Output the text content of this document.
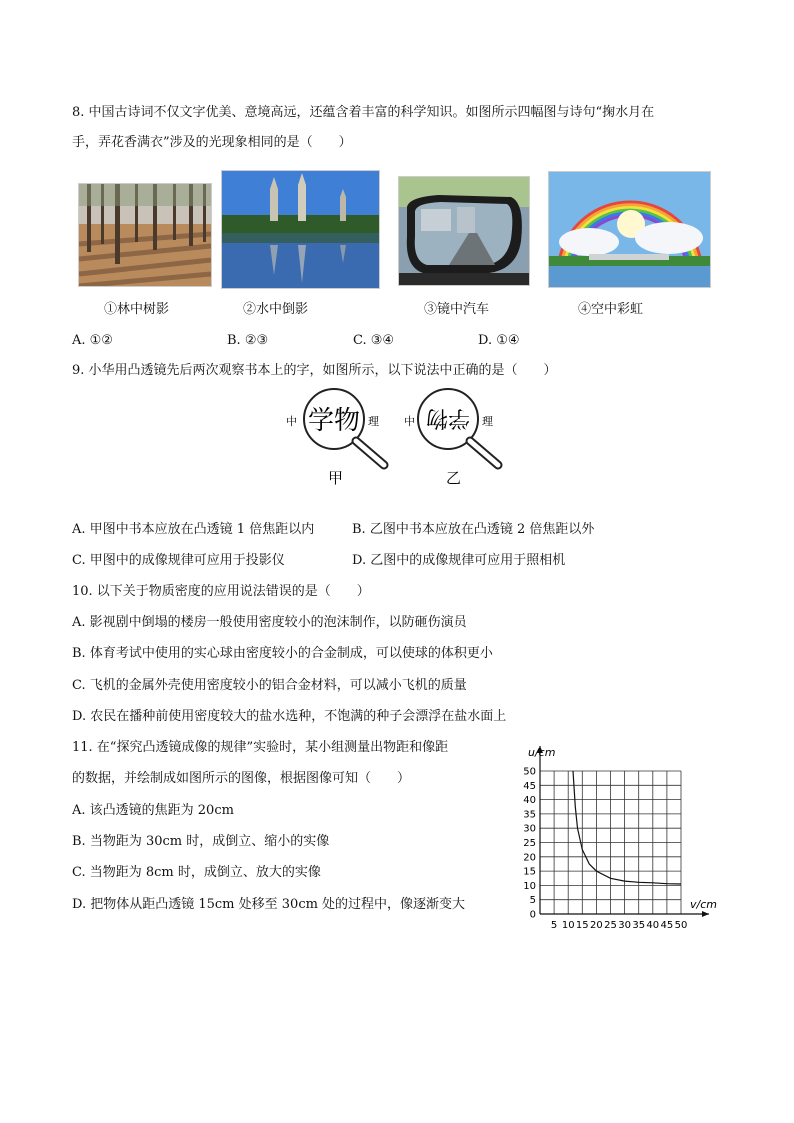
8. 中国古诗词不仅文字优美、意境高远，还蕴含着丰富的科学知识。如图所示四幅图与诗句“掬水月在
手，弄花香满衣”涉及的光现象相同的是（　　）
①林中树影	②水中倒影	③镜中汽车	④空中彩虹
A. ①②	B. ②③	C. ③④	D. ①④
9. 小华用凸透镜先后两次观察书本上的字，如图所示，以下说法中正确的是（　　）
中 学物 理
甲
中 学物 理
乙
A. 甲图中书本应放在凸透镜 1 倍焦距以内	B. 乙图中书本应放在凸透镜 2 倍焦距以外
C. 甲图中的成像规律可应用于投影仪	D. 乙图中的成像规律可应用于照相机
10. 以下关于物质密度的应用说法错误的是（　　）
A. 影视剧中倒塌的楼房一般使用密度较小的泡沫制作，以防砸伤演员
B. 体育考试中使用的实心球由密度较小的合金制成，可以使球的体积更小
C. 飞机的金属外壳使用密度较小的铝合金材料，可以减小飞机的质量
D. 农民在播种前使用密度较大的盐水选种，不饱满的种子会漂浮在盐水面上
11. 在“探究凸透镜成像的规律”实验时，某小组测量出物距和像距
的数据，并绘制成如图所示的图像，根据图像可知（　　）
A. 该凸透镜的焦距为 20cm
B. 当物距为 30cm 时，成倒立、缩小的实像
C. 当物距为 8cm 时，成倒立、放大的实像
D. 把物体从距凸透镜 15cm 处移至 30cm 处的过程中，像逐渐变大
5 10 15 20 25 30 35 40 45 50
0
5
10
15
20
25
30
35
40
45
50
u/cm
v/cm
